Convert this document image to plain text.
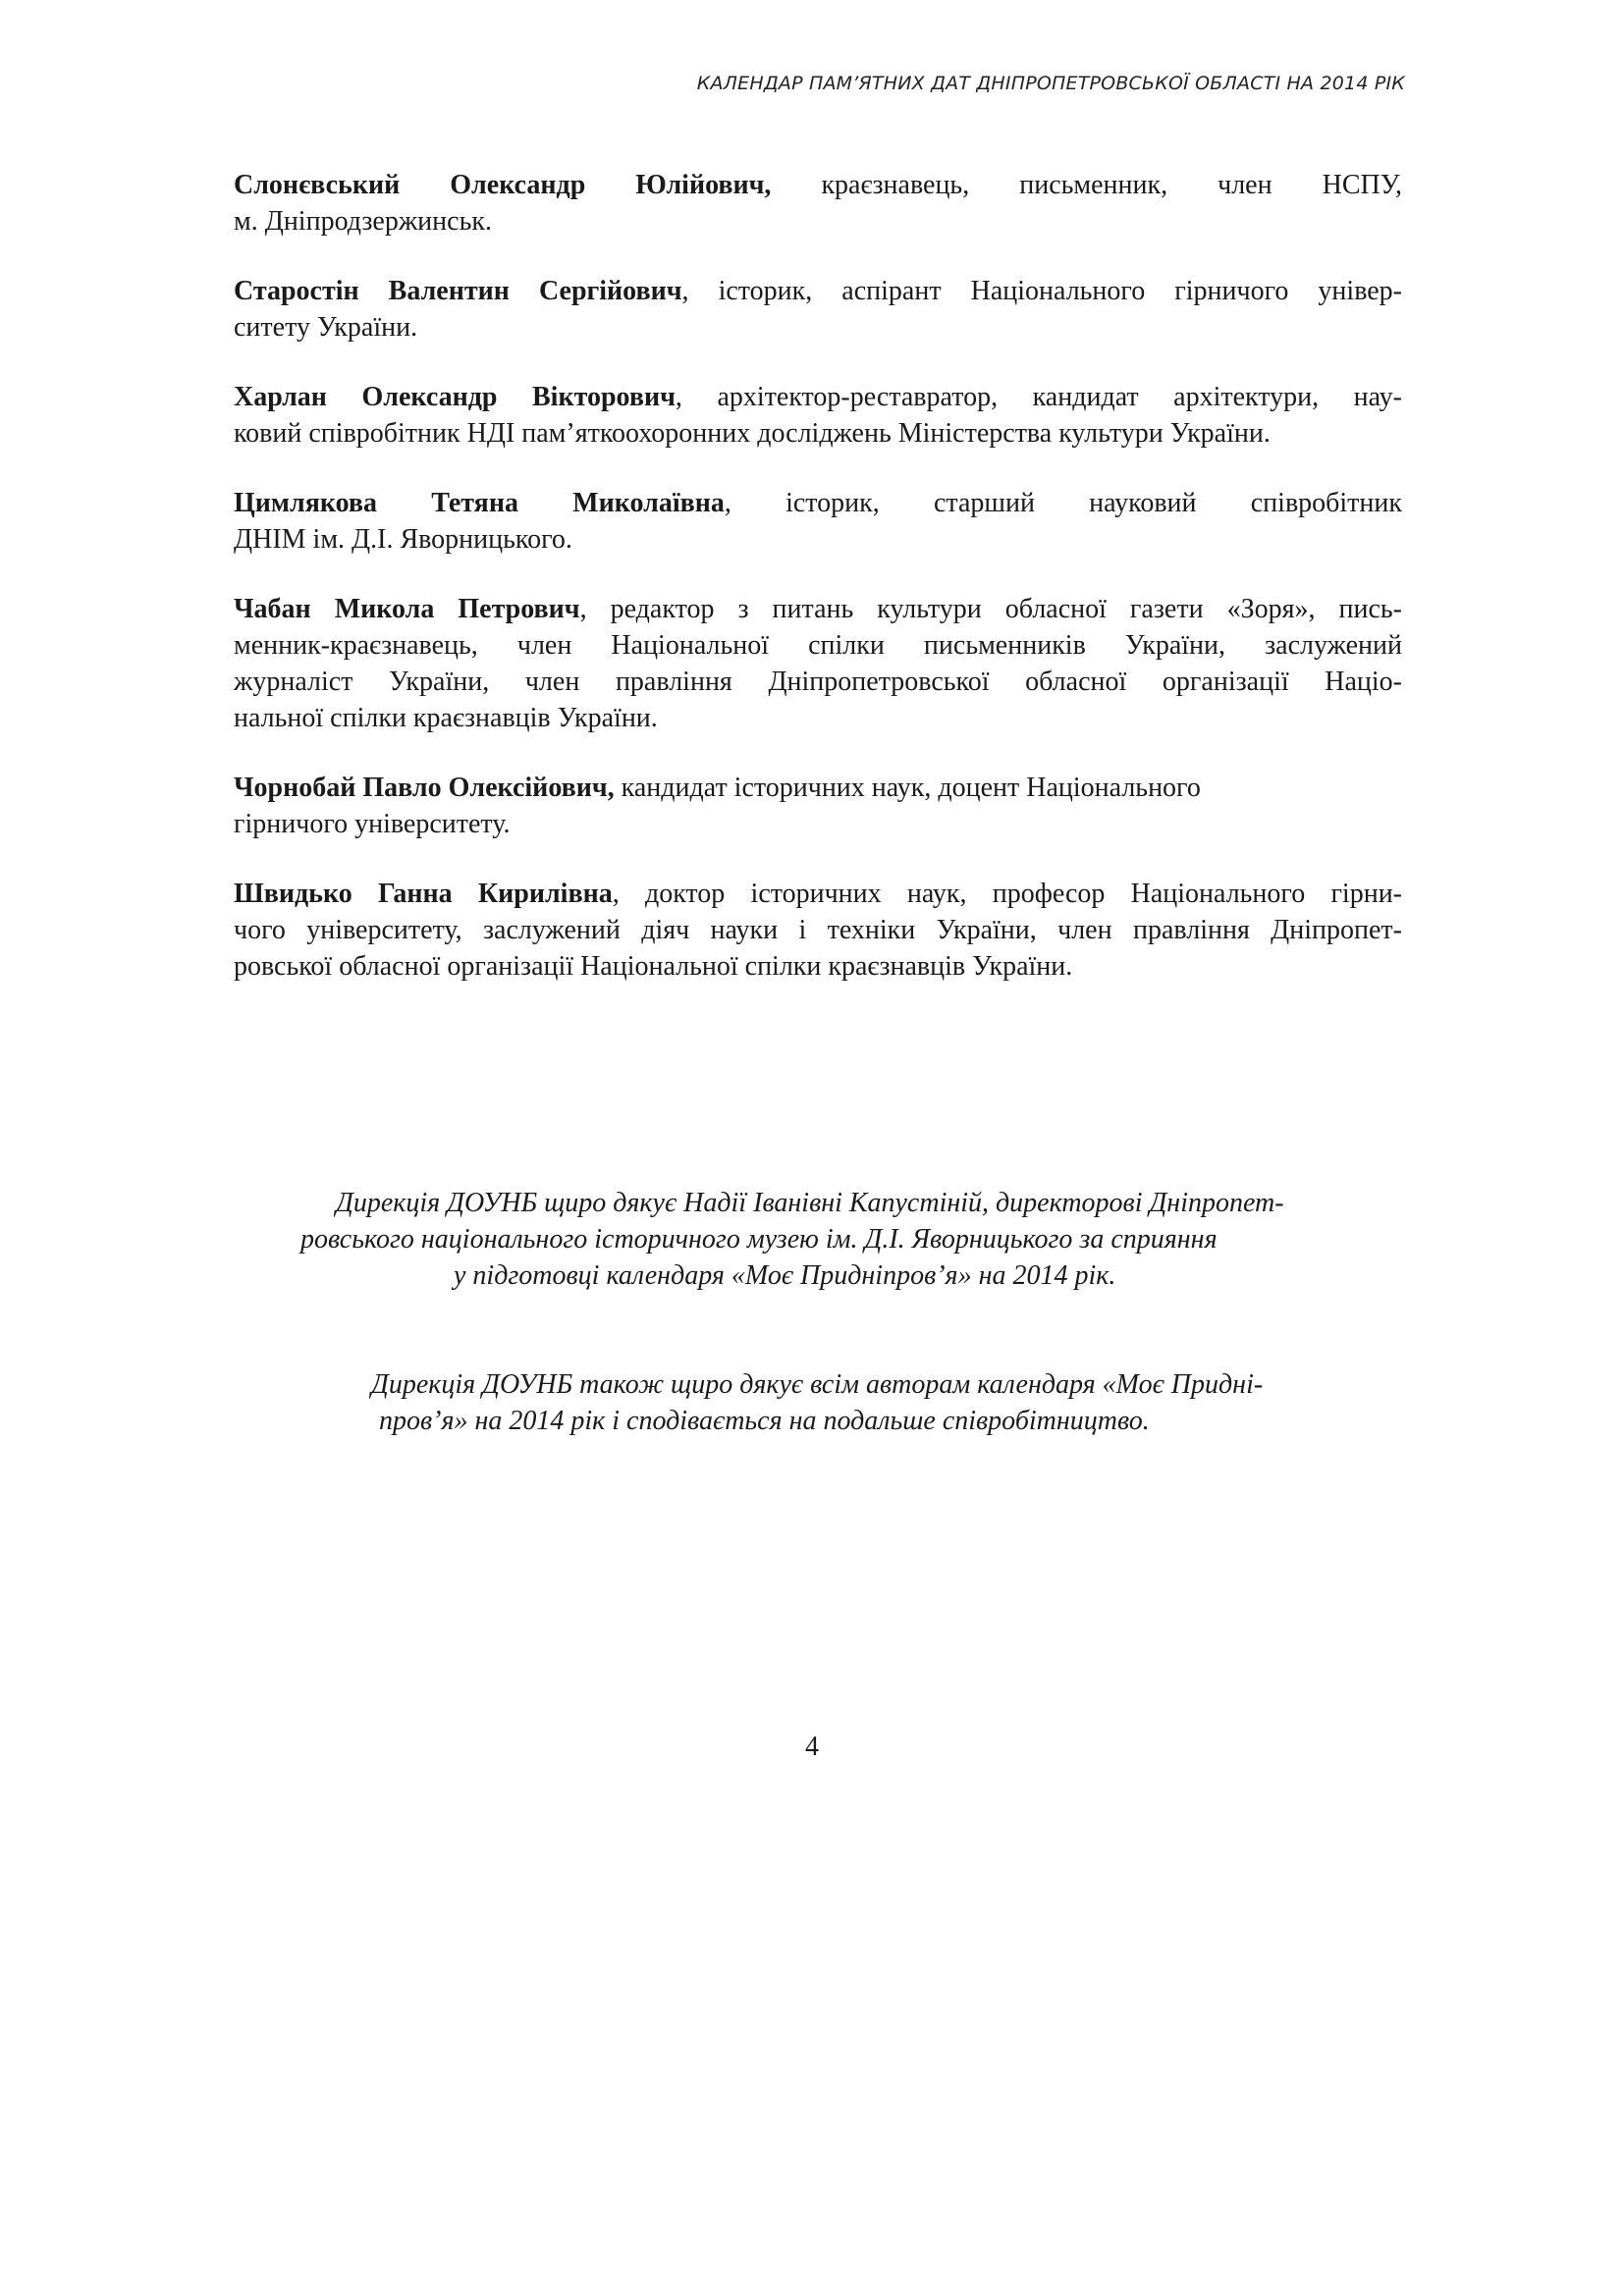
КАЛЕНДАР ПАМ’ЯТНИХ ДАТ ДНІПРОПЕТРОВСЬКОЇ ОБЛАСТІ НА 2014 РІК

Слонєвський Олександр Юлійович, краєзнавець, письменник, член НСПУ,
м. Дніпродзержинськ.

Старостін Валентин Сергійович, історик, аспірант Національного гірничого універ-
ситету України.

Харлан Олександр Вікторович, архітектор-реставратор, кандидат архітектури, нау-
ковий співробітник НДІ пам’яткоохоронних досліджень Міністерства культури України.

Цимлякова Тетяна Миколаївна, історик, старший науковий співробітник
ДНІМ ім. Д.І. Яворницького.

Чабан Микола Петрович, редактор з питань культури обласної газети «Зоря», пись-
менник-краєзнавець, член Національної спілки письменників України, заслужений
журналіст України, член правління Дніпропетровської обласної організації Націо-
нальної спілки краєзнавців України.

Чорнобай Павло Олексійович, кандидат історичних наук, доцент Національного
гірничого університету.

Швидько Ганна Кирилівна, доктор історичних наук, професор Національного гірни-
чого університету, заслужений діяч науки і техніки України, член правління Дніпропет-
ровської обласної організації Національної спілки краєзнавців України.

Дирекція ДОУНБ щиро дякує Надії Іванівні Капустіній, директорові Дніпропет-
ровського національного історичного музею ім. Д.І. Яворницького за сприяння
у підготовці календаря «Моє Придніпров’я» на 2014 рік.
Дирекція ДОУНБ також щиро дякує всім авторам календаря «Моє Придні-
пров’я» на 2014 рік і сподівається на подальше співробітництво.
4
